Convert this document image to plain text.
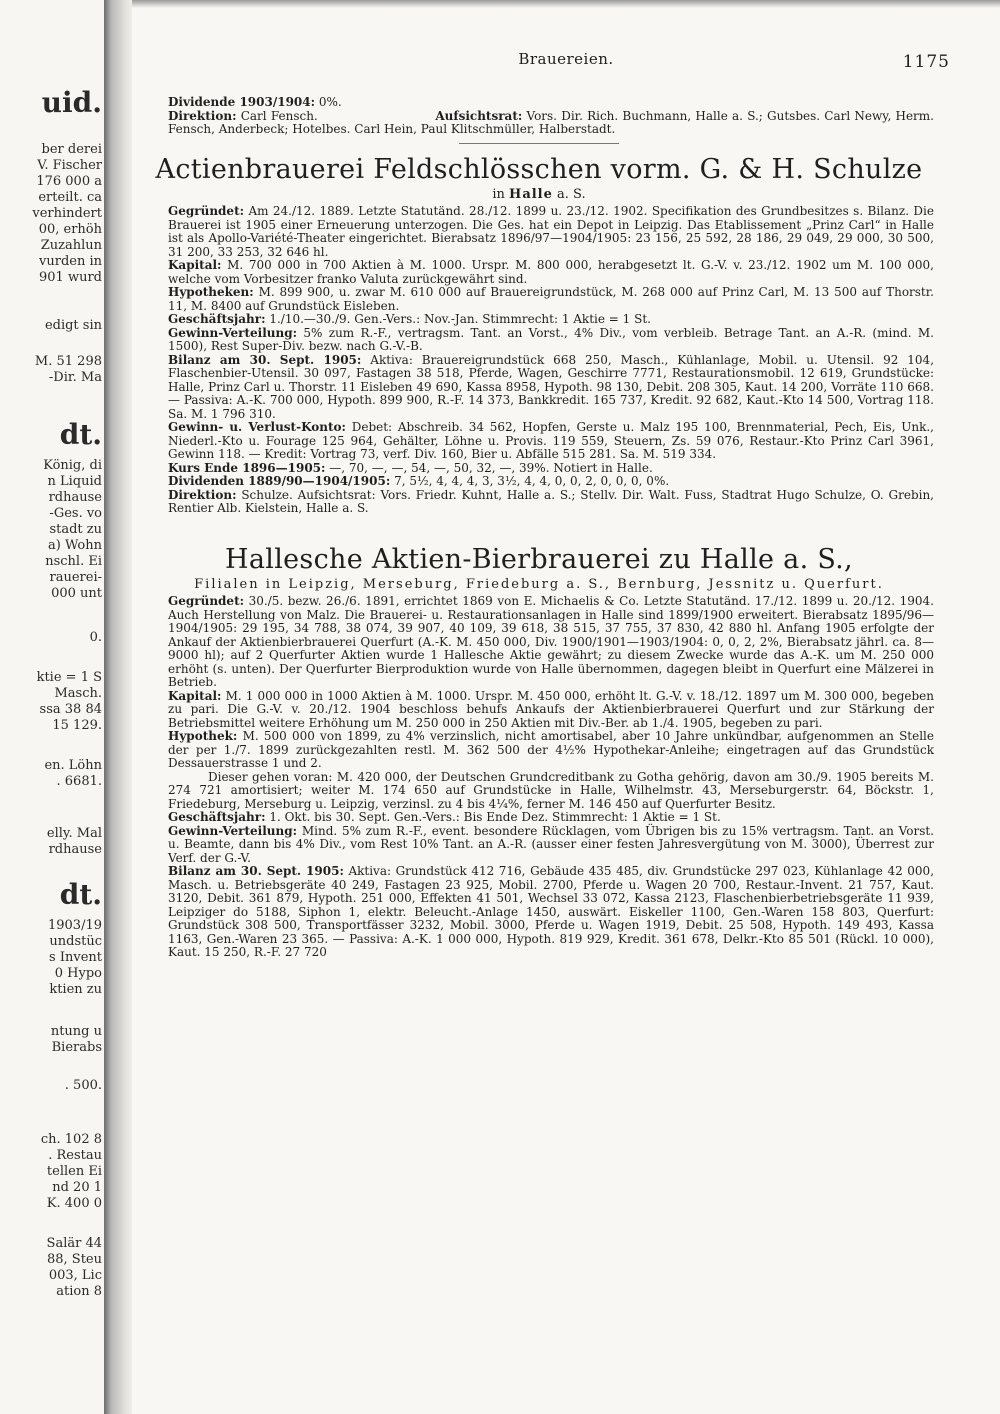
uid.
ber derei
V. Fischer
176 000 a
erteilt. ca
verhindert
00, erhöh
Zuzahlun
vurden in
901 wurd
edigt sin
M. 51 298
-Dir. Ma
dt.
König, di
n Liquid
rdhause
-Ges. vo
stadt zu
a) Wohn
nschl. Ei
rauerei-
000 unt
0.
ktie = 1 S
Masch.
ssa 38 84
15 129.
en. Löhn
. 6681.
elly. Mal
rdhause
dt.
1903/19
undstüc
s Invent
0 Hypo
ktien zu
ntung u
Bierabs
. 500.
ch. 102 8
. Restau
tellen Ei
nd 20 1
K. 400 0
Salär 44
88, Steu
003, Lic
ation 8
Brauereien.	1175

Dividende 1903/1904: 0%.

Direktion: Carl Fensch.	Aufsichtsrat: Vors. Dir. Rich. Buchmann, Halle a. S.; Gutsbes. Carl Newy, Herm. Fensch, Anderbeck; Hotelbes. Carl Hein, Paul Klitschmüller, Halberstadt.

Actienbrauerei Feldschlösschen vorm. G. & H. Schulze
in Halle a. S.

Gegründet: Am 24./12. 1889. Letzte Statutänd. 28./12. 1899 u. 23./12. 1902. Specifikation des Grundbesitzes s. Bilanz. Die Brauerei ist 1905 einer Erneuerung unterzogen. Die Ges. hat ein Depot in Leipzig. Das Etablissement „Prinz Carl“ in Halle ist als Apollo-Variété-Theater eingerichtet. Bierabsatz 1896/97—1904/1905: 23 156, 25 592, 28 186, 29 049, 29 000, 30 500, 31 200, 33 253, 32 646 hl.

Kapital: M. 700 000 in 700 Aktien à M. 1000. Urspr. M. 800 000, herabgesetzt lt. G.-V. v. 23./12. 1902 um M. 100 000, welche vom Vorbesitzer franko Valuta zurückgewährt sind.

Hypotheken: M. 899 900, u. zwar M. 610 000 auf Brauereigrundstück, M. 268 000 auf Prinz Carl, M. 13 500 auf Thorstr. 11, M. 8400 auf Grundstück Eisleben.

Geschäftsjahr: 1./10.—30./9. Gen.-Vers.: Nov.-Jan. Stimmrecht: 1 Aktie = 1 St.

Gewinn-Verteilung: 5% zum R.-F., vertragsm. Tant. an Vorst., 4% Div., vom verbleib. Betrage Tant. an A.-R. (mind. M. 1500), Rest Super-Div. bezw. nach G.-V.-B.

Bilanz am 30. Sept. 1905: Aktiva: Brauereigrundstück 668 250, Masch., Kühlanlage, Mobil. u. Utensil. 92 104, Flaschenbier-Utensil. 30 097, Fastagen 38 518, Pferde, Wagen, Geschirre 7771, Restaurationsmobil. 12 619, Grundstücke: Halle, Prinz Carl u. Thorstr. 11 Eisleben 49 690, Kassa 8958, Hypoth. 98 130, Debit. 208 305, Kaut. 14 200, Vorräte 110 668. — Passiva: A.-K. 700 000, Hypoth. 899 900, R.-F. 14 373, Bankkredit. 165 737, Kredit. 92 682, Kaut.-Kto 14 500, Vortrag 118. Sa. M. 1 796 310.

Gewinn- u. Verlust-Konto: Debet: Abschreib. 34 562, Hopfen, Gerste u. Malz 195 100, Brennmaterial, Pech, Eis, Unk., Niederl.-Kto u. Fourage 125 964, Gehälter, Löhne u. Provis. 119 559, Steuern, Zs. 59 076, Restaur.-Kto Prinz Carl 3961, Gewinn 118. — Kredit: Vortrag 73, verf. Div. 160, Bier u. Abfälle 515 281. Sa. M. 519 334.

Kurs Ende 1896—1905: —, 70, —, —, 54, —, 50, 32, —, 39%. Notiert in Halle.

Dividenden 1889/90—1904/1905: 7, 5½, 4, 4, 4, 3, 3½, 4, 4, 0, 0, 2, 0, 0, 0, 0%.

Direktion: Schulze. Aufsichtsrat: Vors. Friedr. Kuhnt, Halle a. S.; Stellv. Dir. Walt. Fuss, Stadtrat Hugo Schulze, O. Grebin, Rentier Alb. Kielstein, Halle a. S.

Hallesche Aktien-Bierbrauerei zu Halle a. S.,
Filialen in Leipzig, Merseburg, Friedeburg a. S., Bernburg, Jessnitz u. Querfurt.

Gegründet: 30./5. bezw. 26./6. 1891, errichtet 1869 von E. Michaelis & Co. Letzte Statutänd. 17./12. 1899 u. 20./12. 1904. Auch Herstellung von Malz. Die Brauerei- u. Restaurationsanlagen in Halle sind 1899/1900 erweitert. Bierabsatz 1895/96—1904/1905: 29 195, 34 788, 38 074, 39 907, 40 109, 39 618, 38 515, 37 755, 37 830, 42 880 hl. Anfang 1905 erfolgte der Ankauf der Aktienbierbrauerei Querfurt (A.-K. M. 450 000, Div. 1900/1901—1903/1904: 0, 0, 2, 2%, Bierabsatz jährl. ca. 8—9000 hl); auf 2 Querfurter Aktien wurde 1 Hallesche Aktie gewährt; zu diesem Zwecke wurde das A.-K. um M. 250 000 erhöht (s. unten). Der Querfurter Bierproduktion wurde von Halle übernommen, dagegen bleibt in Querfurt eine Mälzerei in Betrieb.

Kapital: M. 1 000 000 in 1000 Aktien à M. 1000. Urspr. M. 450 000, erhöht lt. G.-V. v. 18./12. 1897 um M. 300 000, begeben zu pari. Die G.-V. v. 20./12. 1904 beschloss behufs Ankaufs der Aktienbierbrauerei Querfurt und zur Stärkung der Betriebsmittel weitere Erhöhung um M. 250 000 in 250 Aktien mit Div.-Ber. ab 1./4. 1905, begeben zu pari.

Hypothek: M. 500 000 von 1899, zu 4% verzinslich, nicht amortisabel, aber 10 Jahre unkündbar, aufgenommen an Stelle der per 1./7. 1899 zurückgezahlten restl. M. 362 500 der 4½% Hypothekar-Anleihe; eingetragen auf das Grundstück Dessauerstrasse 1 und 2.

Dieser gehen voran: M. 420 000, der Deutschen Grundcreditbank zu Gotha gehörig, davon am 30./9. 1905 bereits M. 274 721 amortisiert; weiter M. 174 650 auf Grundstücke in Halle, Wilhelmstr. 43, Merseburgerstr. 64, Böckstr. 1, Friedeburg, Merseburg u. Leipzig, verzinsl. zu 4 bis 4¼%, ferner M. 146 450 auf Querfurter Besitz.

Geschäftsjahr: 1. Okt. bis 30. Sept. Gen.-Vers.: Bis Ende Dez. Stimmrecht: 1 Aktie = 1 St.

Gewinn-Verteilung: Mind. 5% zum R.-F., event. besondere Rücklagen, vom Übrigen bis zu 15% vertragsm. Tant. an Vorst. u. Beamte, dann bis 4% Div., vom Rest 10% Tant. an A.-R. (ausser einer festen Jahresvergütung von M. 3000), Überrest zur Verf. der G.-V.

Bilanz am 30. Sept. 1905: Aktiva: Grundstück 412 716, Gebäude 435 485, div. Grundstücke 297 023, Kühlanlage 42 000, Masch. u. Betriebsgeräte 40 249, Fastagen 23 925, Mobil. 2700, Pferde u. Wagen 20 700, Restaur.-Invent. 21 757, Kaut. 3120, Debit. 361 879, Hypoth. 251 000, Effekten 41 501, Wechsel 33 072, Kassa 2123, Flaschenbierbetriebsgeräte 11 939, Leipziger do 5188, Siphon 1, elektr. Beleucht.-Anlage 1450, auswärt. Eiskeller 1100, Gen.-Waren 158 803, Querfurt: Grundstück 308 500, Transportfässer 3232, Mobil. 3000, Pferde u. Wagen 1919, Debit. 25 508, Hypoth. 149 493, Kassa 1163, Gen.-Waren 23 365. — Passiva: A.-K. 1 000 000, Hypoth. 819 929, Kredit. 361 678, Delkr.-Kto 85 501 (Rückl. 10 000), Kaut. 15 250, R.-F. 27 720
